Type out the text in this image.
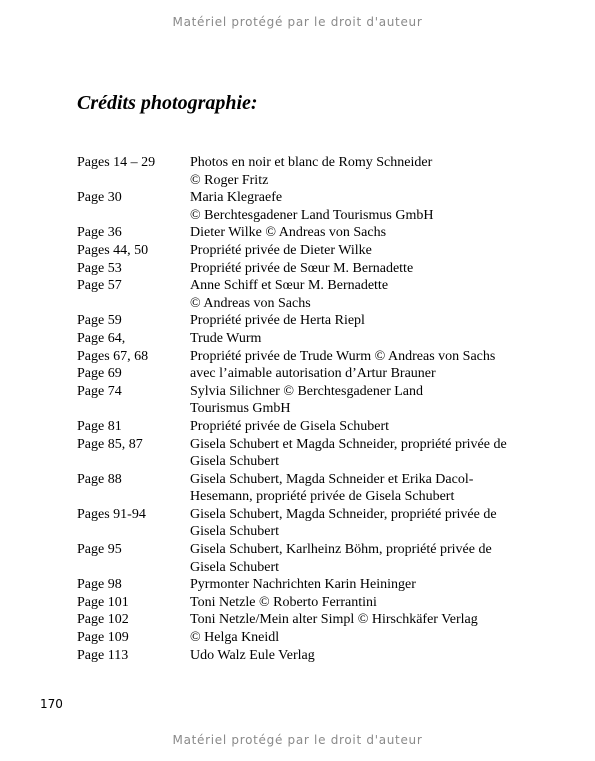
Matériel protégé par le droit d'auteur
Crédits photographie:
Pages 14 – 29	Photos en noir et blanc de Romy Schneider
© Roger Fritz
Page 30	Maria Klegraefe
© Berchtesgadener Land Tourismus GmbH
Page 36	Dieter Wilke © Andreas von Sachs
Pages 44, 50	Propriété privée de Dieter Wilke
Page 53	Propriété privée de Sœur M. Bernadette
Page 57	Anne Schiff et Sœur M. Bernadette
© Andreas von Sachs
Page 59	Propriété privée de Herta Riepl
Page 64,	Trude Wurm
Pages 67, 68	Propriété privée de Trude Wurm © Andreas von Sachs
Page 69	avec l’aimable autorisation d’Artur Brauner
Page 74	Sylvia Silichner © Berchtesgadener Land
Tourismus GmbH
Page 81	Propriété privée de Gisela Schubert
Page 85, 87	Gisela Schubert et Magda Schneider, propriété privée de
Gisela Schubert
Page 88	Gisela Schubert, Magda Schneider et Erika Dacol-
Hesemann, propriété privée de Gisela Schubert
Pages 91-94	Gisela Schubert, Magda Schneider, propriété privée de
Gisela Schubert
Page 95	Gisela Schubert, Karlheinz Böhm, propriété privée de
Gisela Schubert
Page 98	Pyrmonter Nachrichten Karin Heininger
Page 101	Toni Netzle © Roberto Ferrantini
Page 102	Toni Netzle/Mein alter Simpl © Hirschkäfer Verlag
Page 109	© Helga Kneidl
Page 113	Udo Walz Eule Verlag
170
Matériel protégé par le droit d'auteur
